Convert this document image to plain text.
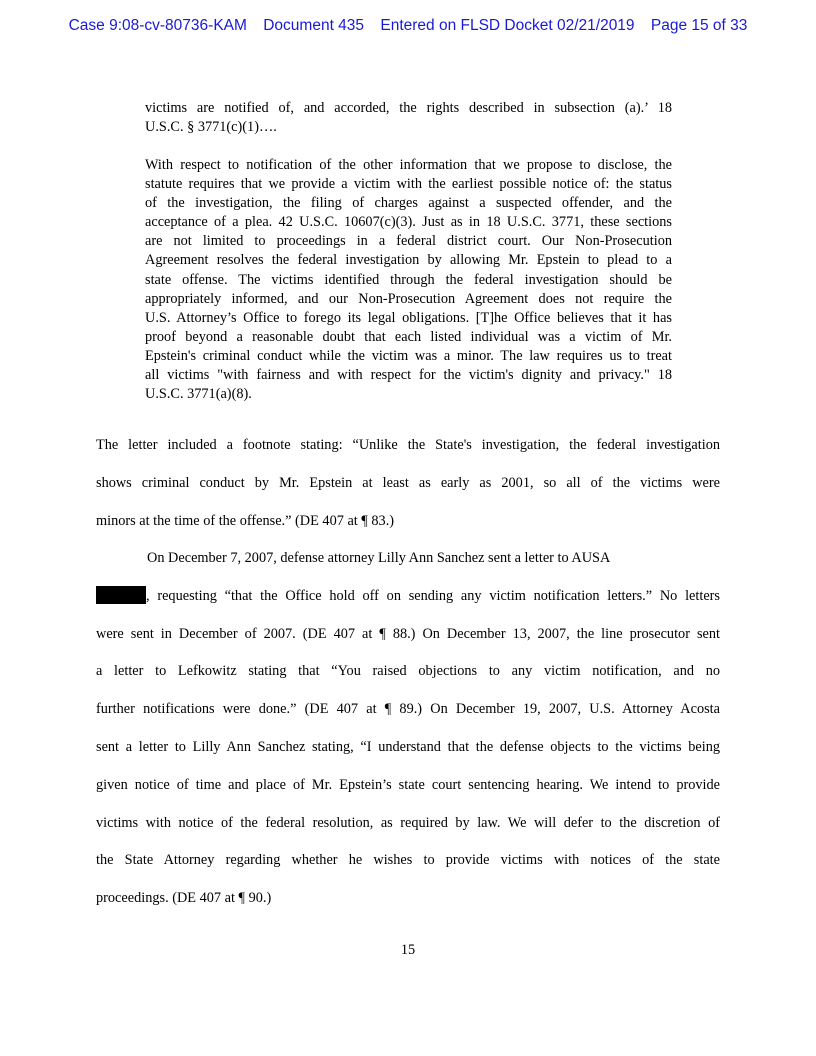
Case 9:08-cv-80736-KAM Document 435 Entered on FLSD Docket 02/21/2019 Page 15 of 33
victims are notified of, and accorded, the rights described in subsection (a).’ 18
U.S.C. § 3771(c)(1)….
With respect to notification of the other information that we propose to disclose, the
statute requires that we provide a victim with the earliest possible notice of: the status
of the investigation, the filing of charges against a suspected offender, and the
acceptance of a plea. 42 U.S.C. 10607(c)(3). Just as in 18 U.S.C. 3771, these sections
are not limited to proceedings in a federal district court. Our Non-Prosecution
Agreement resolves the federal investigation by allowing Mr. Epstein to plead to a
state offense. The victims identified through the federal investigation should be
appropriately informed, and our Non-Prosecution Agreement does not require the
U.S. Attorney’s Office to forego its legal obligations. [T]he Office believes that it has
proof beyond a reasonable doubt that each listed individual was a victim of Mr.
Epstein's criminal conduct while the victim was a minor. The law requires us to treat
all victims "with fairness and with respect for the victim's dignity and privacy." 18
U.S.C. 3771(a)(8).
The letter included a footnote stating: “Unlike the State's investigation, the federal investigation
shows criminal conduct by Mr. Epstein at least as early as 2001, so all of the victims were
minors at the time of the offense.” (DE 407 at ¶ 83.)
On December 7, 2007, defense attorney Lilly Ann Sanchez sent a letter to AUSA
, requesting “that the Office hold off on sending any victim notification letters.” No letters
were sent in December of 2007. (DE 407 at ¶ 88.) On December 13, 2007, the line prosecutor sent
a letter to Lefkowitz stating that “You raised objections to any victim notification, and no
further notifications were done.” (DE 407 at ¶ 89.) On December 19, 2007, U.S. Attorney Acosta
sent a letter to Lilly Ann Sanchez stating, “I understand that the defense objects to the victims being
given notice of time and place of Mr. Epstein’s state court sentencing hearing. We intend to provide
victims with notice of the federal resolution, as required by law. We will defer to the discretion of
the State Attorney regarding whether he wishes to provide victims with notices of the state
proceedings. (DE 407 at ¶ 90.)
15
